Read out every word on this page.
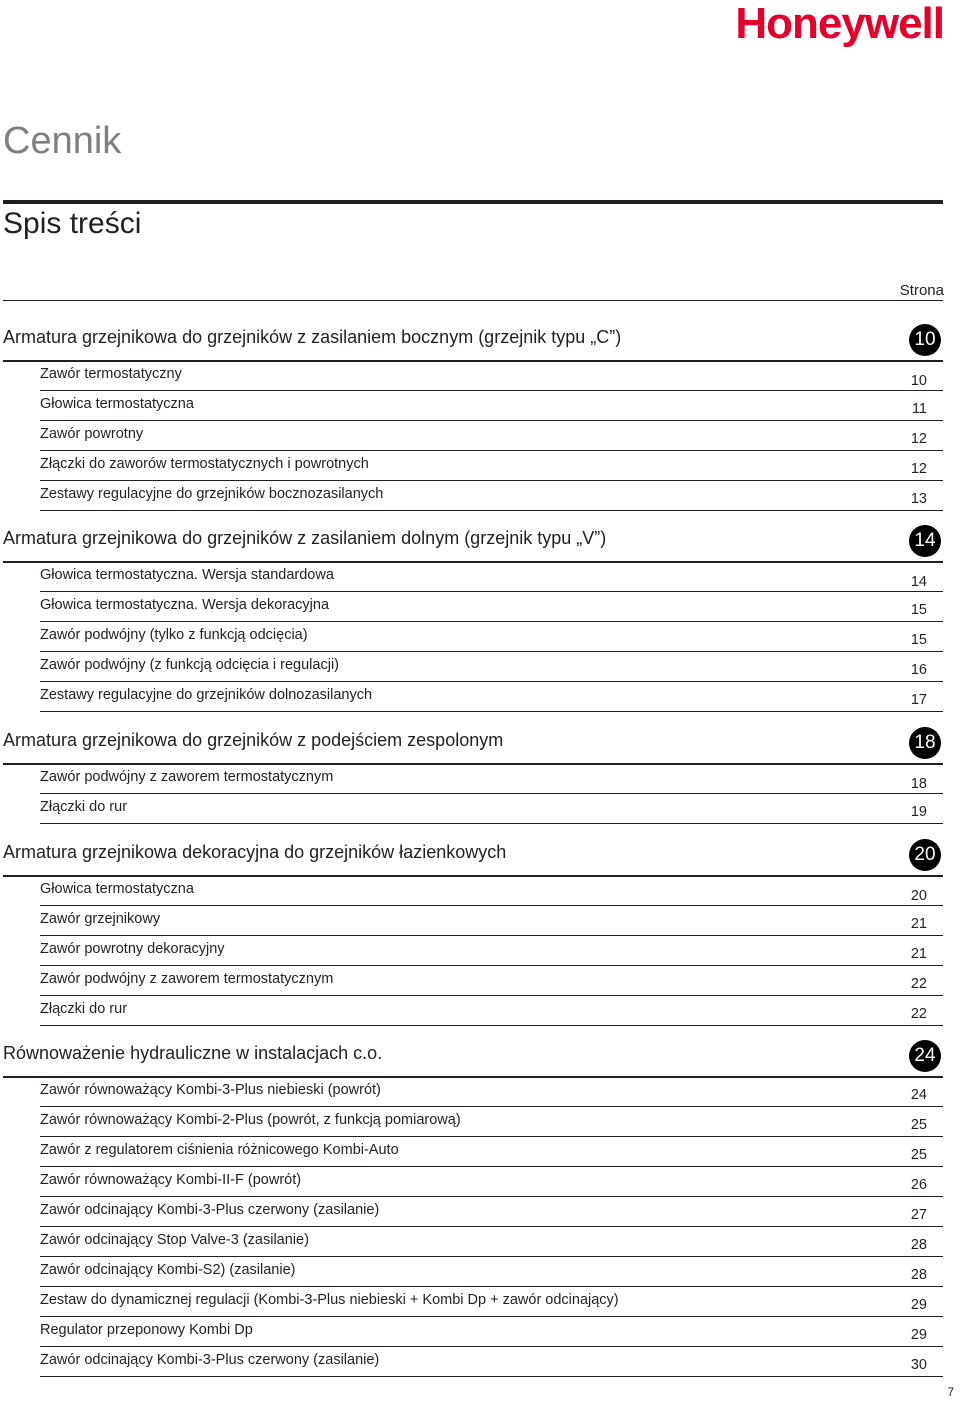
Honeywell
Cennik
Spis treści
Strona
Armatura grzejnikowa do grzejników z zasilaniem bocznym (grzejnik typu „C”)	10
Zawór termostatyczny	10
Głowica termostatyczna	11
Zawór powrotny	12
Złączki do zaworów termostatycznych i powrotnych	12
Zestawy regulacyjne do grzejników bocznozasilanych	13
Armatura grzejnikowa do grzejników z zasilaniem dolnym (grzejnik typu „V”)	14
Głowica termostatyczna. Wersja standardowa	14
Głowica termostatyczna. Wersja dekoracyjna	15
Zawór podwójny (tylko z funkcją odcięcia)	15
Zawór podwójny (z funkcją odcięcia i regulacji)	16
Zestawy regulacyjne do grzejników dolnozasilanych	17
Armatura grzejnikowa do grzejników z podejściem zespolonym	18
Zawór podwójny z zaworem termostatycznym	18
Złączki do rur	19
Armatura grzejnikowa dekoracyjna do grzejników łazienkowych	20
Głowica termostatyczna	20
Zawór grzejnikowy	21
Zawór powrotny dekoracyjny	21
Zawór podwójny z zaworem termostatycznym	22
Złączki do rur	22
Równoważenie hydrauliczne w instalacjach c.o.	24
Zawór równoważący Kombi-3-Plus niebieski (powrót)	24
Zawór równoważący Kombi-2-Plus (powrót, z funkcją pomiarową)	25
Zawór z regulatorem ciśnienia różnicowego Kombi-Auto	25
Zawór równoważący Kombi-II-F (powrót)	26
Zawór odcinający Kombi-3-Plus czerwony (zasilanie)	27
Zawór odcinający Stop Valve-3 (zasilanie)	28
Zawór odcinający Kombi-S2) (zasilanie)	28
Zestaw do dynamicznej regulacji (Kombi-3-Plus niebieski + Kombi Dp + zawór odcinający)	29
Regulator przeponowy Kombi Dp	29
Zawór odcinający Kombi-3-Plus czerwony (zasilanie)	30
7
